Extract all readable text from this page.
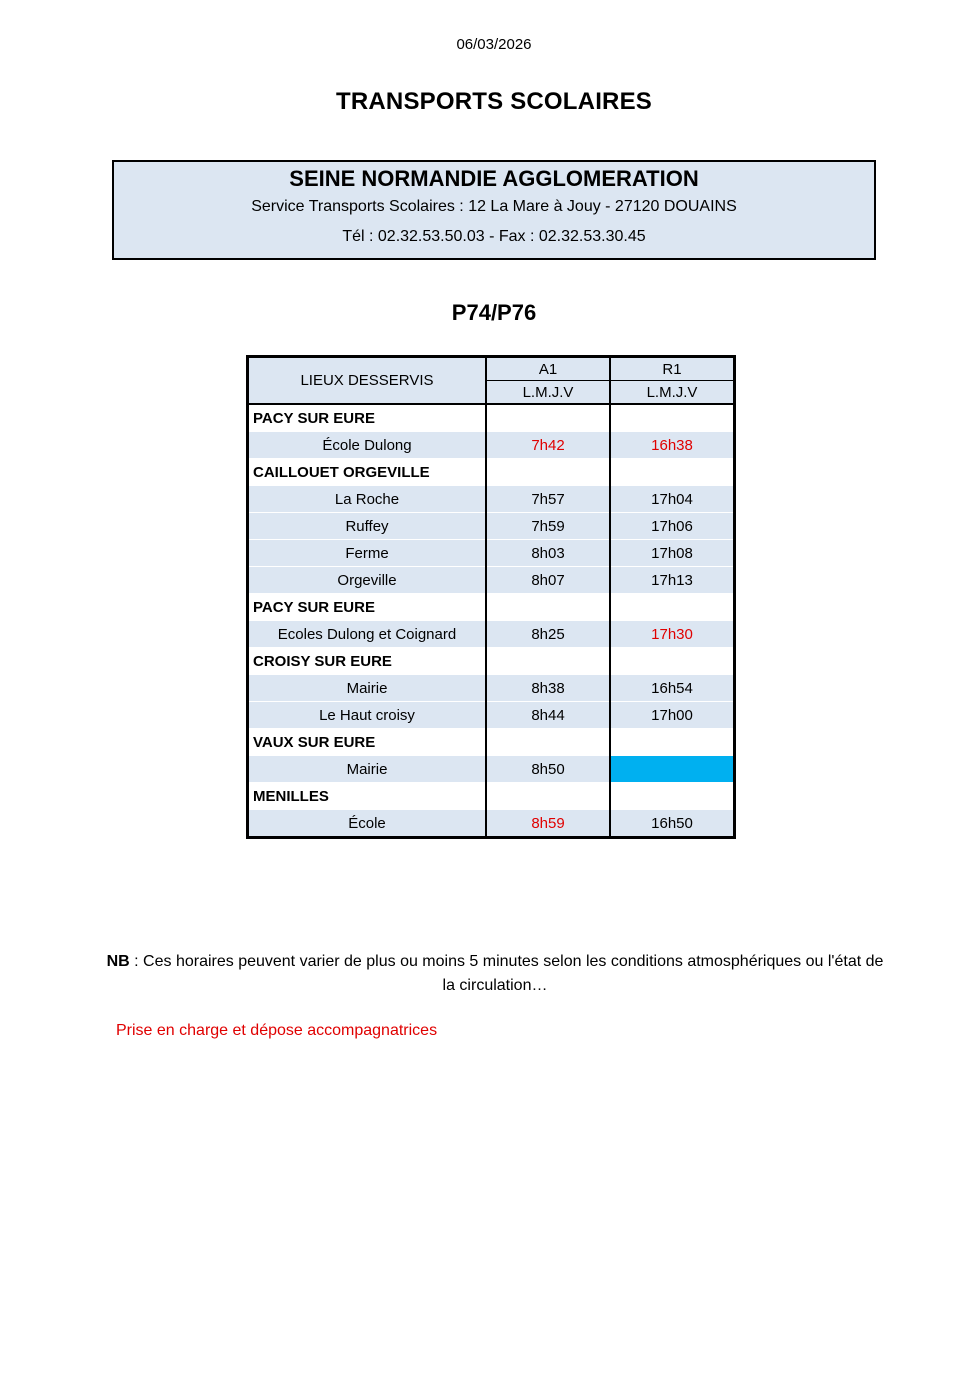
06/03/2026
TRANSPORTS SCOLAIRES
SEINE NORMANDIE AGGLOMERATION
Service Transports Scolaires : 12 La Mare à Jouy - 27120 DOUAINS
Tél : 02.32.53.50.03 - Fax : 02.32.53.30.45
P74/P76
LIEUX DESSERVIS	A1	R1
	L.M.J.V	L.M.J.V
PACY SUR EURE		
École Dulong	7h42	16h38
CAILLOUET ORGEVILLE		
La Roche	7h57	17h04
Ruffey	7h59	17h06
Ferme	8h03	17h08
Orgeville	8h07	17h13
PACY SUR EURE		
Ecoles Dulong et Coignard	8h25	17h30
CROISY SUR EURE		
Mairie	8h38	16h54
Le Haut croisy	8h44	17h00
VAUX SUR EURE		
Mairie	8h50	
MENILLES		
École	8h59	16h50
NB : Ces horaires peuvent varier de plus ou moins 5 minutes selon les conditions atmosphériques ou l'état de la circulation…
Prise en charge et dépose accompagnatrices
